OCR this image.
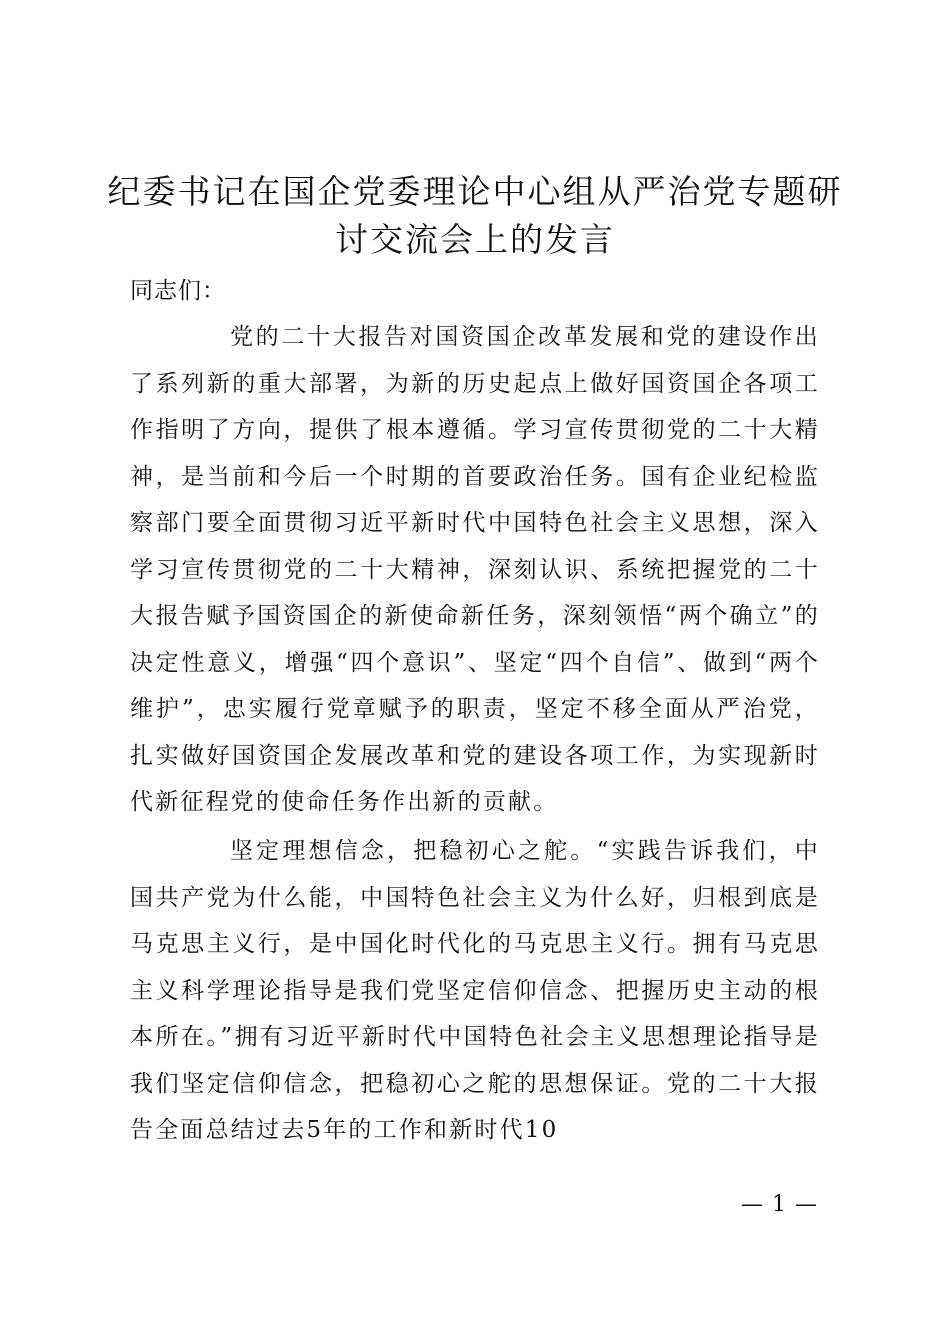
纪委书记在国企党委理论中心组从严治党专题研讨交流会上的发言

同志们：

党的二十大报告对国资国企改革发展和党的建设作出了系列新的重大部署，为新的历史起点上做好国资国企各项工作指明了方向，提供了根本遵循。学习宣传贯彻党的二十大精神，是当前和今后一个时期的首要政治任务。国有企业纪检监察部门要全面贯彻习近平新时代中国特色社会主义思想，深入学习宣传贯彻党的二十大精神，深刻认识、系统把握党的二十大报告赋予国资国企的新使命新任务，深刻领悟“两个确立”的决定性意义，增强“四个意识”、坚定“四个自信”、做到“两个维护”，忠实履行党章赋予的职责，坚定不移全面从严治党，扎实做好国资国企发展改革和党的建设各项工作，为实现新时代新征程党的使命任务作出新的贡献。

坚定理想信念，把稳初心之舵。“实践告诉我们，中国共产党为什么能，中国特色社会主义为什么好，归根到底是马克思主义行，是中国化时代化的马克思主义行。拥有马克思主义科学理论指导是我们党坚定信仰信念、把握历史主动的根本所在。”拥有习近平新时代中国特色社会主义思想理论指导是我们坚定信仰信念，把稳初心之舵的思想保证。党的二十大报告全面总结过去5年的工作和新时代10

— 1 —
